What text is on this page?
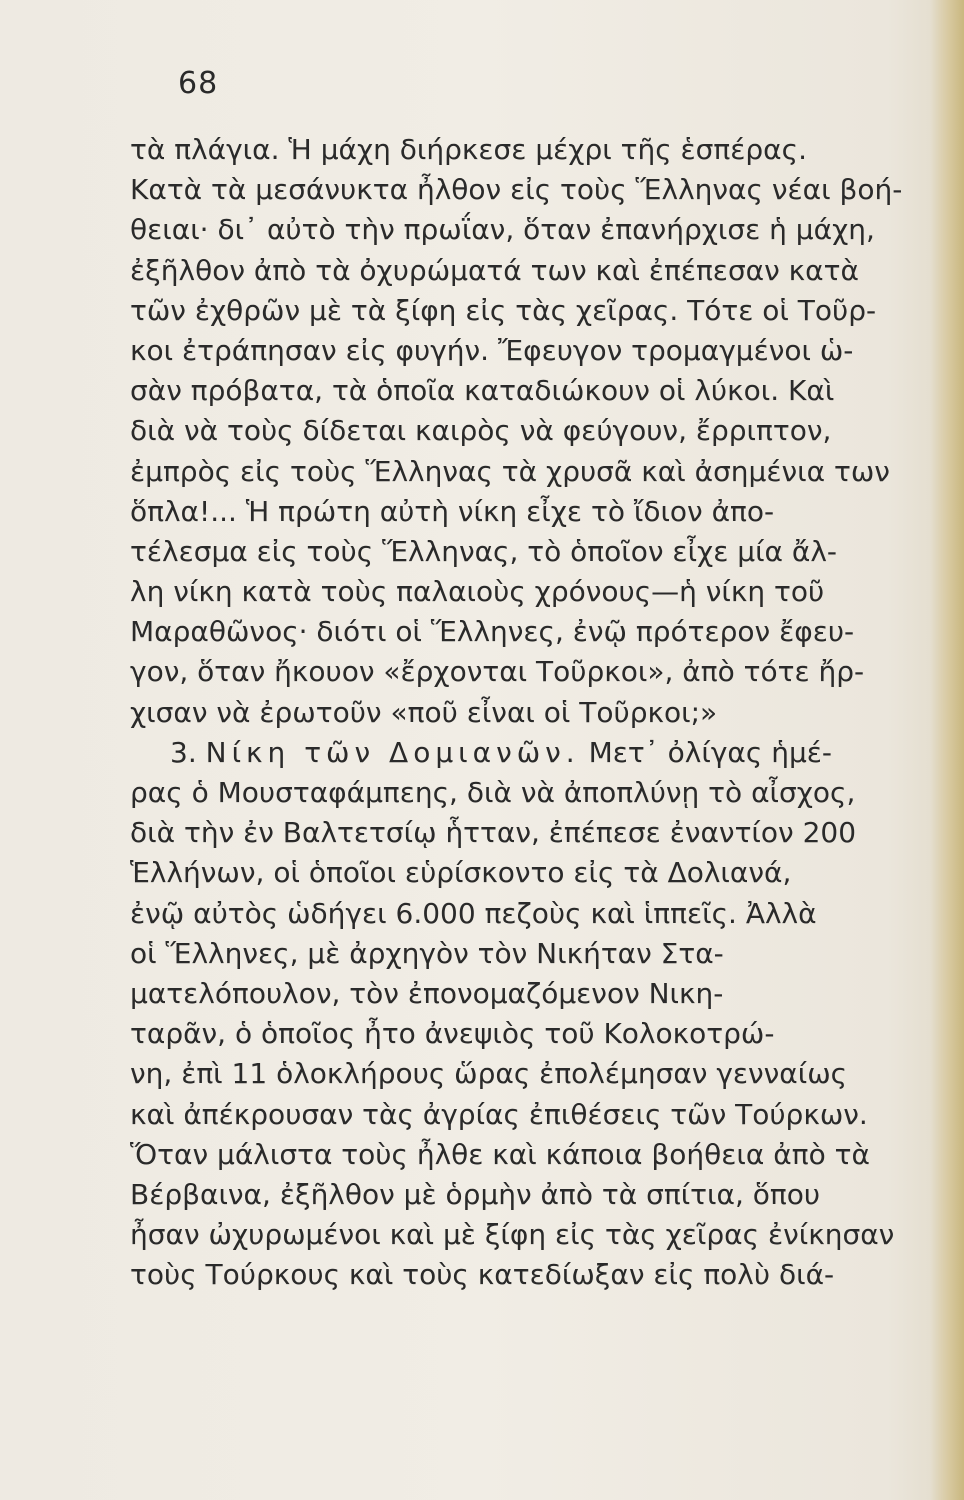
68
τὰ πλάγια. Ἡ μάχη διήρκεσε μέχρι τῆς ἑσπέρας.
Κατὰ τὰ μεσάνυκτα ἦλθον εἰς τοὺς Ἕλληνας νέαι βοή-
θειαι· δι᾽ αὐτὸ τὴν πρωΐαν, ὅταν ἐπανήρχισε ἡ μάχη,
ἐξῆλθον ἀπὸ τὰ ὀχυρώματά των καὶ ἐπέπεσαν κατὰ
τῶν ἐχθρῶν μὲ τὰ ξίφη εἰς τὰς χεῖρας. Τότε οἱ Τοῦρ-
κοι ἐτράπησαν εἰς φυγήν. Ἔφευγον τρομαγμένοι ὡ-
σὰν πρόβατα, τὰ ὁποῖα καταδιώκουν οἱ λύκοι. Καὶ
διὰ νὰ τοὺς δίδεται καιρὸς νὰ φεύγουν, ἔρριπτον,
ἐμπρὸς εἰς τοὺς Ἕλληνας τὰ χρυσᾶ καὶ ἀσημένια των
ὅπλα!... Ἡ πρώτη αὐτὴ νίκη εἶχε τὸ ἴδιον ἀπο-
τέλεσμα εἰς τοὺς Ἕλληνας, τὸ ὁποῖον εἶχε μία ἄλ-
λη νίκη κατὰ τοὺς παλαιοὺς χρόνους—ἡ νίκη τοῦ
Μαραθῶνος· διότι οἱ Ἕλληνες, ἐνῷ πρότερον ἔφευ-
γον, ὅταν ἤκουον «ἔρχονται Τοῦρκοι», ἀπὸ τότε ἤρ-
χισαν νὰ ἐρωτοῦν «ποῦ εἶναι οἱ Τοῦρκοι;»
3. Νίκη τῶν Δομιανῶν. Μετ᾽ ὀλίγας ἡμέ-
ρας ὁ Μουσταφάμπεης, διὰ νὰ ἀποπλύνῃ τὸ αἶσχος,
διὰ τὴν ἐν Βαλτετσίῳ ἧτταν, ἐπέπεσε ἐναντίον 200
Ἑλλήνων, οἱ ὁποῖοι εὑρίσκοντο εἰς τὰ Δολιανά,
ἐνῷ αὐτὸς ὡδήγει 6.000 πεζοὺς καὶ ἱππεῖς. Ἀλλὰ
οἱ Ἕλληνες, μὲ ἀρχηγὸν τὸν Νικήταν Στα-
ματελόπουλον, τὸν ἐπονομαζόμενον Νικη-
ταρᾶν, ὁ ὁποῖος ἦτο ἀνεψιὸς τοῦ Κολοκοτρώ-
νη, ἐπὶ 11 ὁλοκλήρους ὥρας ἐπολέμησαν γενναίως
καὶ ἀπέκρουσαν τὰς ἀγρίας ἐπιθέσεις τῶν Τούρκων.
Ὅταν μάλιστα τοὺς ἦλθε καὶ κάποια βοήθεια ἀπὸ τὰ
Βέρβαινα, ἐξῆλθον μὲ ὁρμὴν ἀπὸ τὰ σπίτια, ὅπου
ἦσαν ὠχυρωμένοι καὶ μὲ ξίφη εἰς τὰς χεῖρας ἐνίκησαν
τοὺς Τούρκους καὶ τοὺς κατεδίωξαν εἰς πολὺ διά-
